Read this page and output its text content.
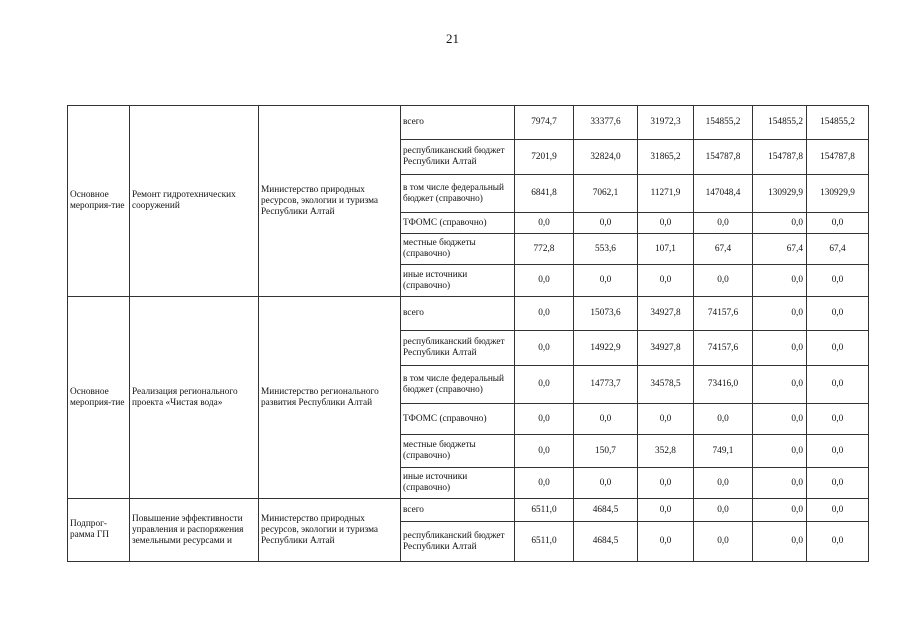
21
Основное мероприя-тие	Ремонт гидротехнических сооружений	Министерство природных ресурсов, экологии и туризма Республики Алтай	всего	7974,7	33377,6	31972,3	154855,2	154855,2	154855,2
			республиканский бюджет Республики Алтай	7201,9	32824,0	31865,2	154787,8	154787,8	154787,8
			в том числе федеральный бюджет (справочно)	6841,8	7062,1	11271,9	147048,4	130929,9	130929,9
			ТФОМС (справочно)	0,0	0,0	0,0	0,0	0,0	0,0
			местные бюджеты (справочно)	772,8	553,6	107,1	67,4	67,4	67,4
			иные источники (справочно)	0,0	0,0	0,0	0,0	0,0	0,0
Основное мероприя-тие	Реализация регионального проекта «Чистая вода»	Министерство регионального развития Республики Алтай	всего	0,0	15073,6	34927,8	74157,6	0,0	0,0
			республиканский бюджет Республики Алтай	0,0	14922,9	34927,8	74157,6	0,0	0,0
			в том числе федеральный бюджет (справочно)	0,0	14773,7	34578,5	73416,0	0,0	0,0
			ТФОМС (справочно)	0,0	0,0	0,0	0,0	0,0	0,0
			местные бюджеты (справочно)	0,0	150,7	352,8	749,1	0,0	0,0
			иные источники (справочно)	0,0	0,0	0,0	0,0	0,0	0,0
Подпрог-рамма ГП	Повышение эффективности управления и распоряжения земельными ресурсами и	Министерство природных ресурсов, экологии и туризма Республики Алтай	всего	6511,0	4684,5	0,0	0,0	0,0	0,0
			республиканский бюджет Республики Алтай	6511,0	4684,5	0,0	0,0	0,0	0,0
